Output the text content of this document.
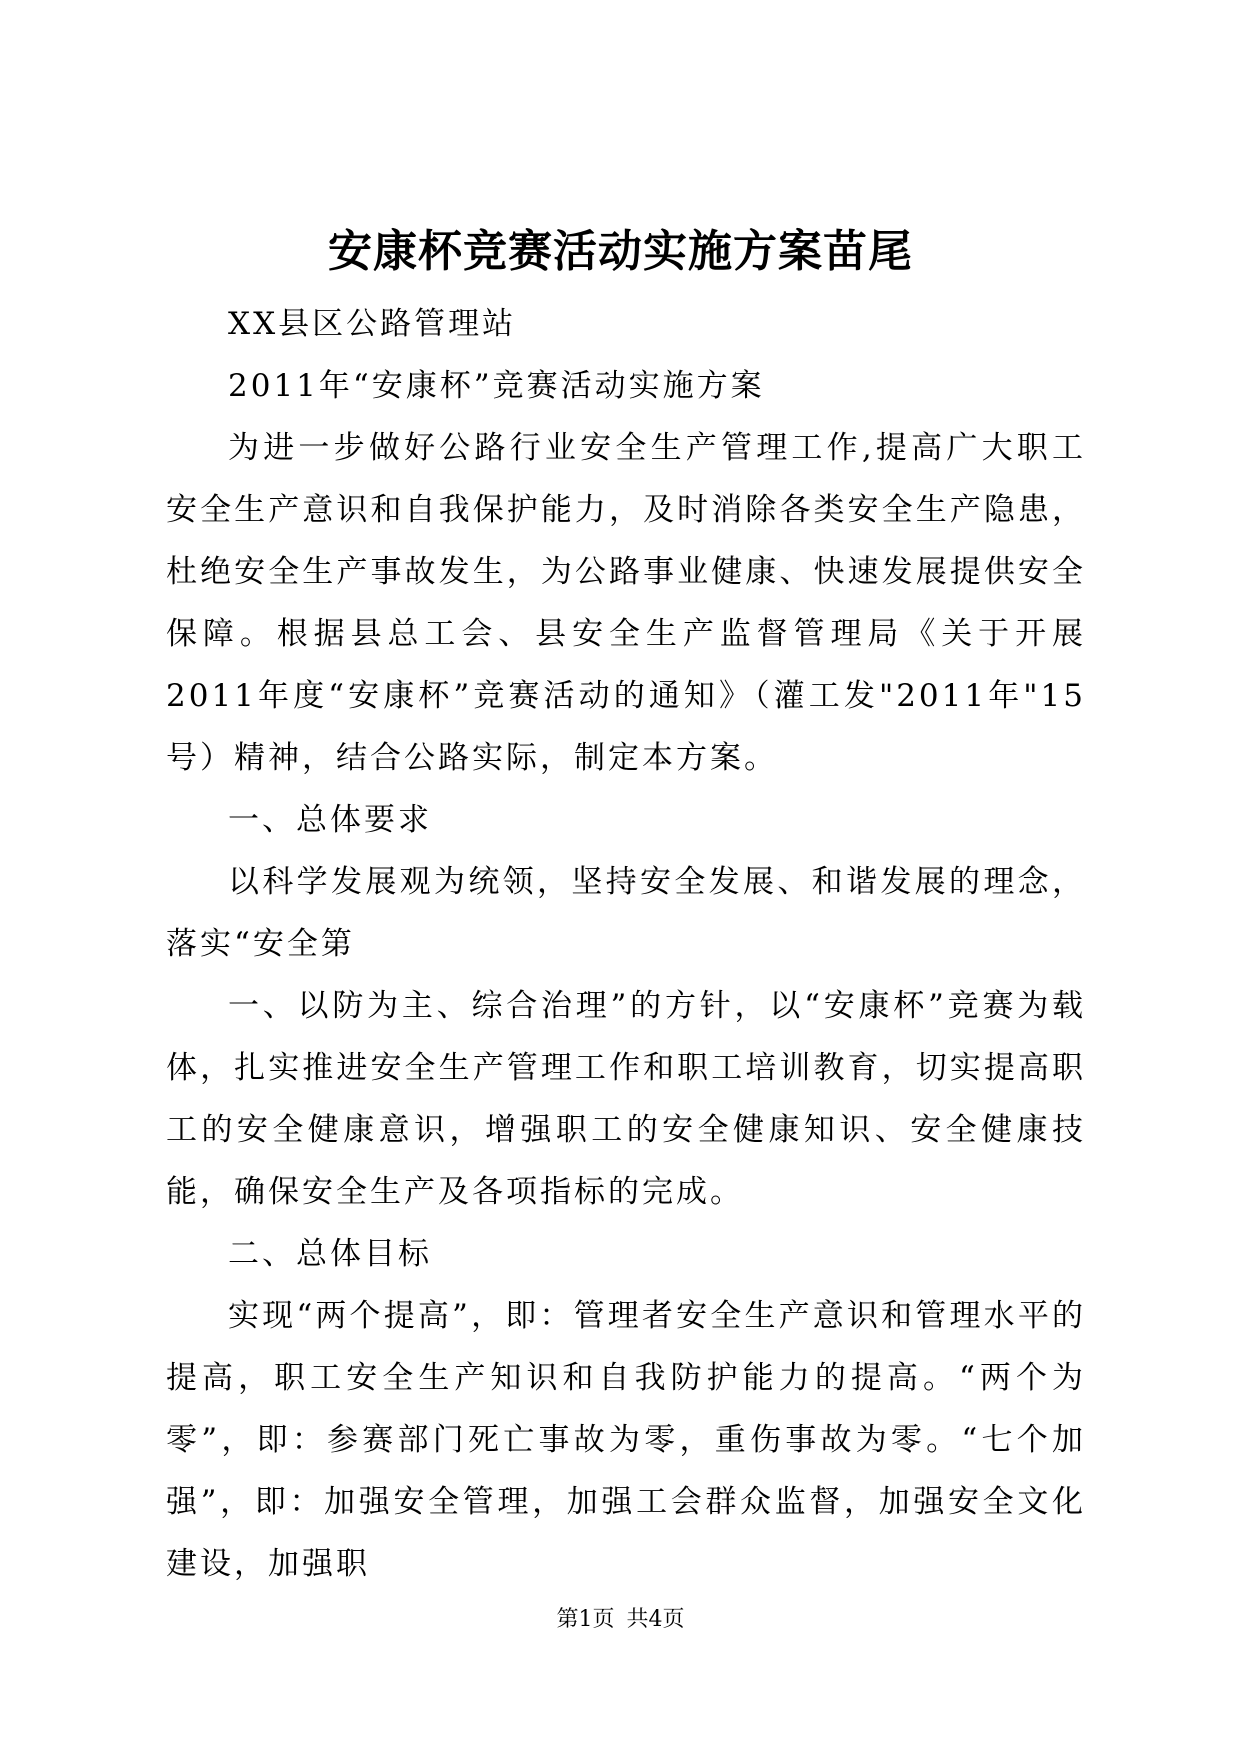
安康杯竞赛活动实施方案苗尾

XX县区公路管理站

2011年“安康杯”竞赛活动实施方案

为进一步做好公路行业安全生产管理工作,提高广大职工安全生产意识和自我保护能力，及时消除各类安全生产隐患，杜绝安全生产事故发生，为公路事业健康、快速发展提供安全保障。根据县总工会、县安全生产监督管理局《关于开展2011年度“安康杯”竞赛活动的通知》（灌工发"2011年"15号）精神，结合公路实际，制定本方案。

一、总体要求

以科学发展观为统领，坚持安全发展、和谐发展的理念，落实“安全第

一、以防为主、综合治理”的方针，以“安康杯”竞赛为载体，扎实推进安全生产管理工作和职工培训教育，切实提高职工的安全健康意识，增强职工的安全健康知识、安全健康技能，确保安全生产及各项指标的完成。

二、总体目标

实现“两个提高”，即：管理者安全生产意识和管理水平的提高，职工安全生产知识和自我防护能力的提高。“两个为零”，即：参赛部门死亡事故为零，重伤事故为零。“七个加强”，即：加强安全管理，加强工会群众监督，加强安全文化建设，加强职

第1页 共4页
